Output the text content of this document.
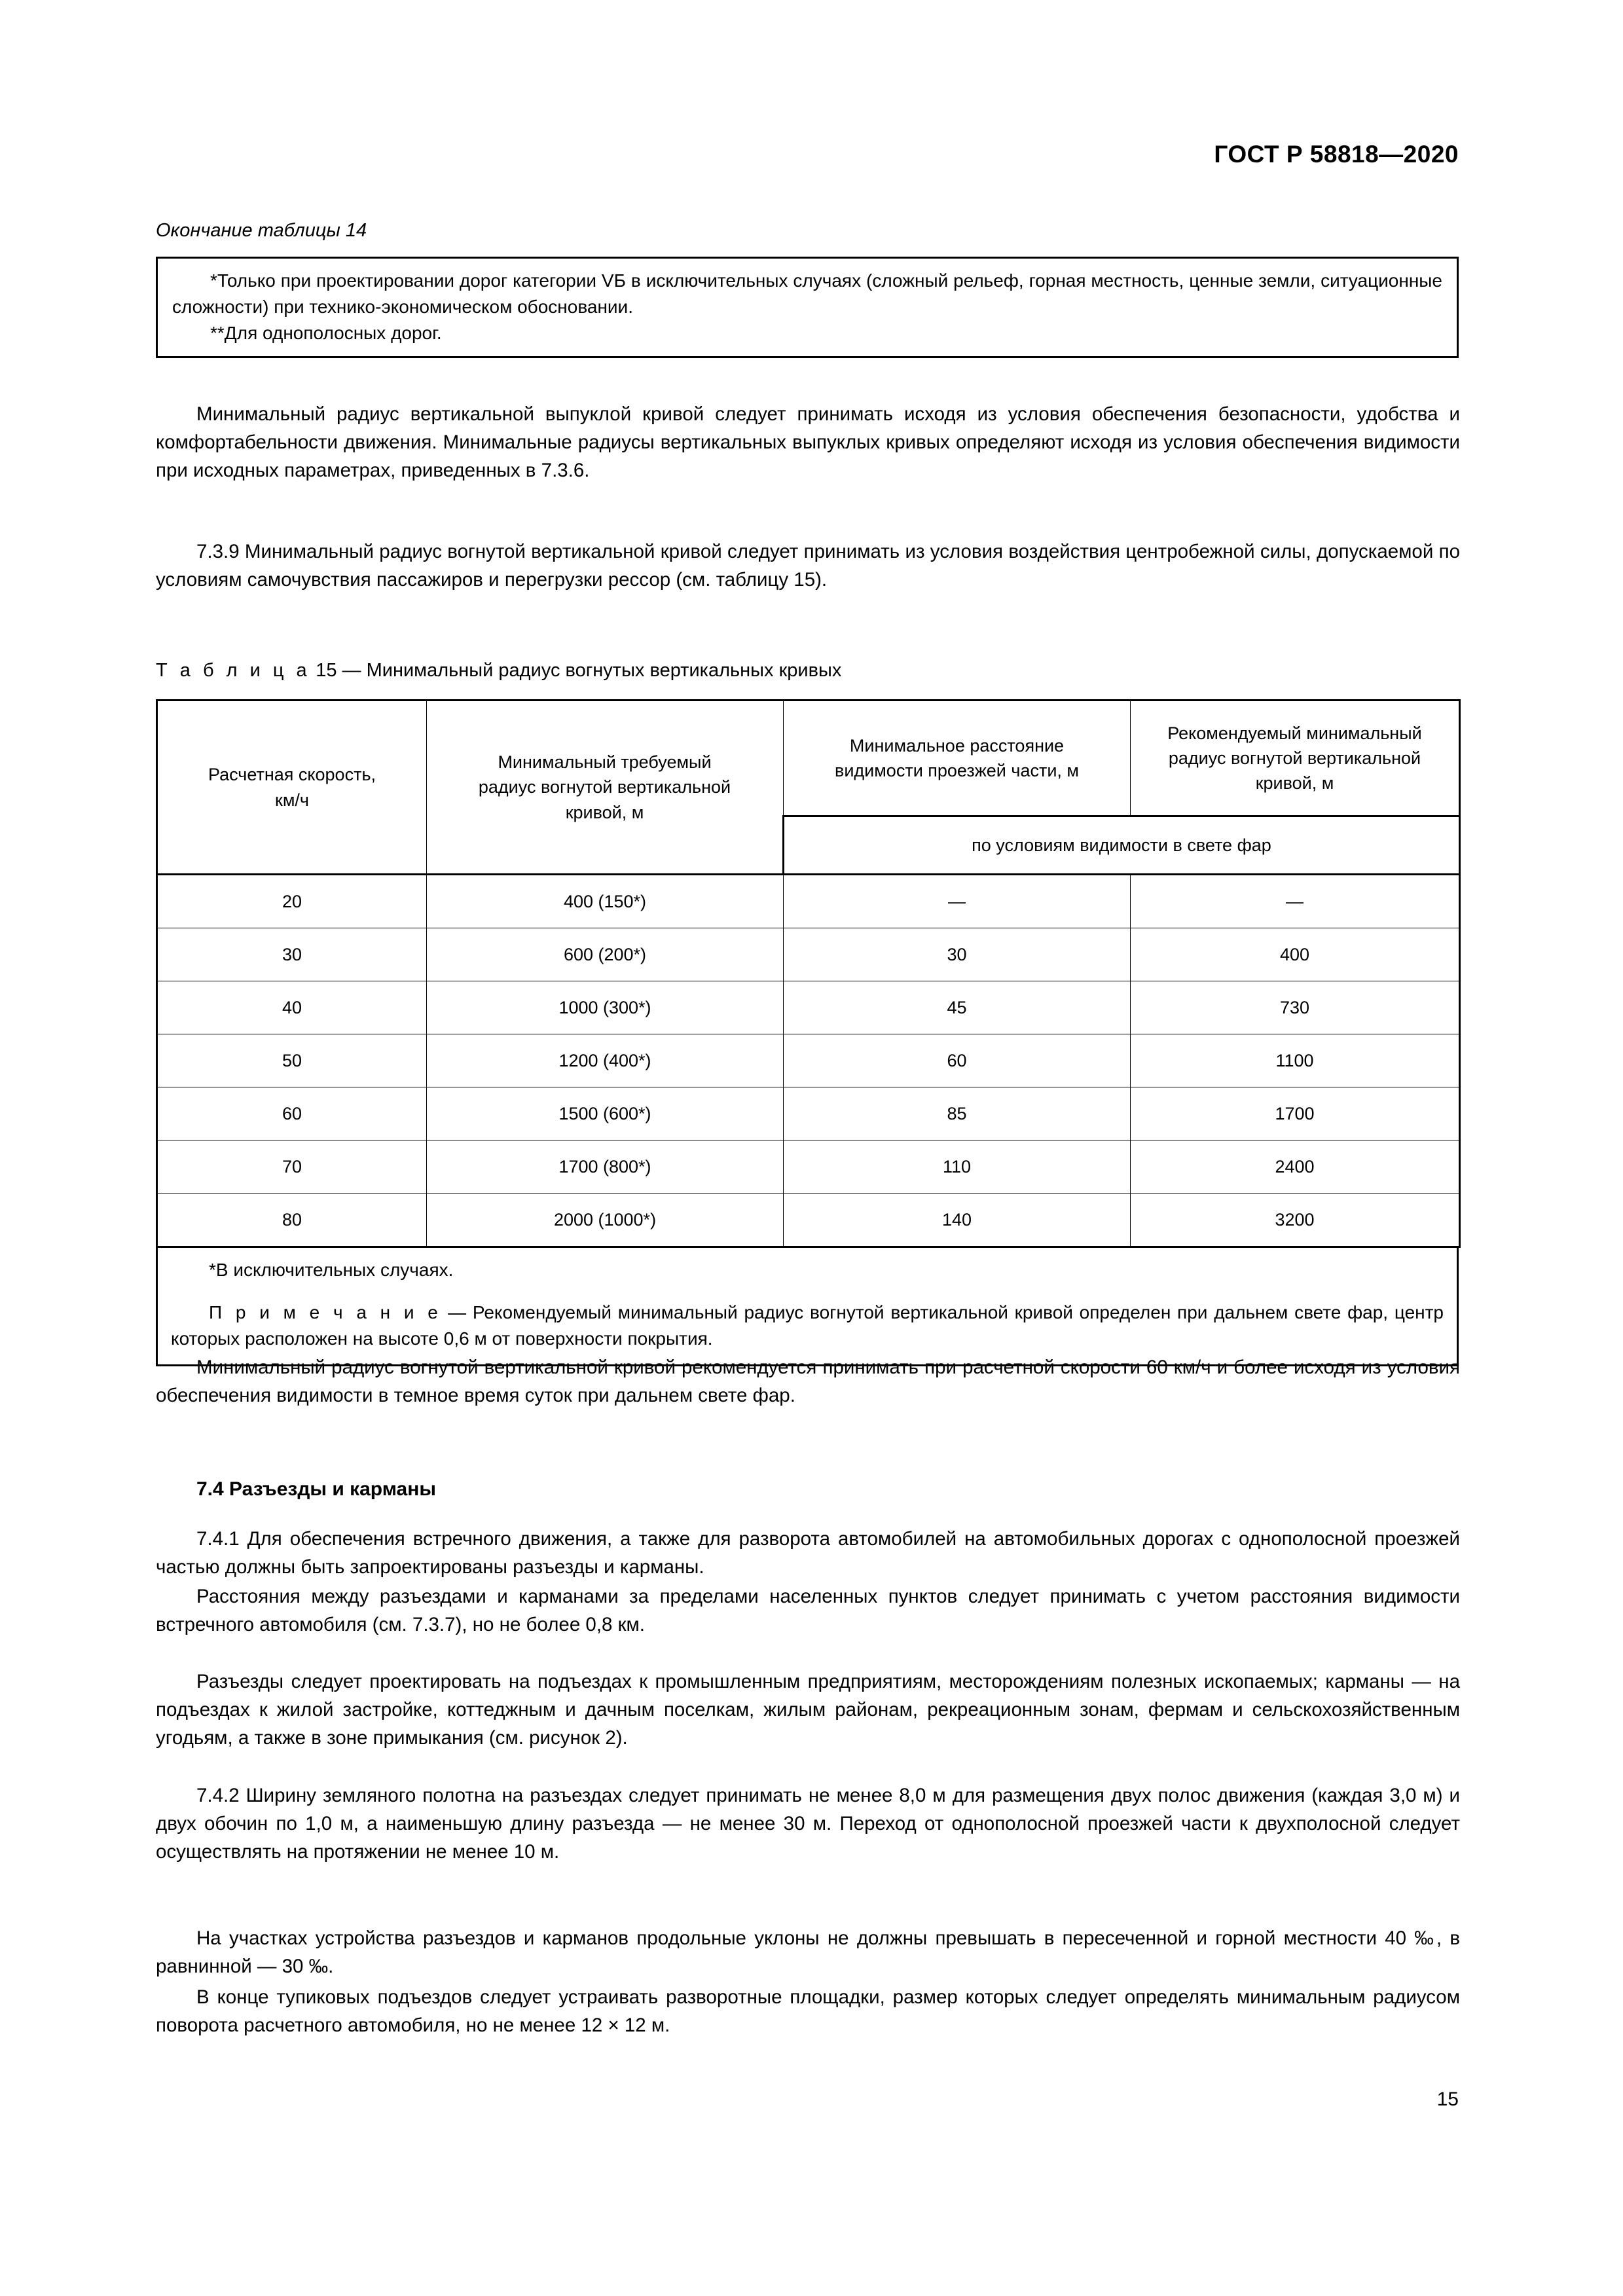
ГОСТ Р 58818—2020
Окончание таблицы 14

*Только при проектировании дорог категории VБ в исключительных случаях (сложный рельеф, горная местность, ценные земли, ситуационные сложности) при технико-экономическом обосновании.

**Для однополосных дорог.

Минимальный радиус вертикальной выпуклой кривой следует принимать исходя из условия обеспечения безопасности, удобства и комфортабельности движения. Минимальные радиусы вертикальных выпуклых кривых определяют исходя из условия обеспечения видимости при исходных параметрах, приведенных в 7.3.6.

7.3.9 Минимальный радиус вогнутой вертикальной кривой следует принимать из условия воздействия центробежной силы, допускаемой по условиям самочувствия пассажиров и перегрузки рессор (см. таблицу 15).

Т а б л и ц а 15 — Минимальный радиус вогнутых вертикальных кривых
Расчетная скорость,
км/ч

Минимальный требуемый
радиус вогнутой вертикальной
кривой, м

Минимальное расстояние
видимости проезжей части, м

Рекомендуемый минимальный
радиус вогнутой вертикальной
кривой, м

		по условиям видимости в свете фар	
20	400 (150*)	—	—
30	600 (200*)	30	400
40	1000 (300*)	45	730
50	1200 (400*)	60	1100
60	1500 (600*)	85	1700
70	1700 (800*)	110	2400
80	2000 (1000*)	140	3200

*В исключительных случаях.

П р и м е ч а н и е — Рекомендуемый минимальный радиус вогнутой вертикальной кривой определен при дальнем свете фар, центр которых расположен на высоте 0,6 м от поверхности покрытия.

Минимальный радиус вогнутой вертикальной кривой рекомендуется принимать при расчетной скорости 60 км/ч и более исходя из условия обеспечения видимости в темное время суток при дальнем свете фар.

7.4 Разъезды и карманы

7.4.1 Для обеспечения встречного движения, а также для разворота автомобилей на автомобильных дорогах с однополосной проезжей частью должны быть запроектированы разъезды и карманы.

Расстояния между разъездами и карманами за пределами населенных пунктов следует принимать с учетом расстояния видимости встречного автомобиля (см. 7.3.7), но не более 0,8 км.

Разъезды следует проектировать на подъездах к промышленным предприятиям, месторождениям полезных ископаемых; карманы — на подъездах к жилой застройке, коттеджным и дачным поселкам, жилым районам, рекреационным зонам, фермам и сельскохозяйственным угодьям, а также в зоне примыкания (см. рисунок 2).

7.4.2 Ширину земляного полотна на разъездах следует принимать не менее 8,0 м для размещения двух полос движения (каждая 3,0 м) и двух обочин по 1,0 м, а наименьшую длину разъезда — не менее 30 м. Переход от однополосной проезжей части к двухполосной следует осуществлять на протяжении не менее 10 м.

На участках устройства разъездов и карманов продольные уклоны не должны превышать в пересеченной и горной местности 40 ‰, в равнинной — 30 ‰.

В конце тупиковых подъездов следует устраивать разворотные площадки, размер которых следует определять минимальным радиусом поворота расчетного автомобиля, но не менее 12 × 12 м.

15
